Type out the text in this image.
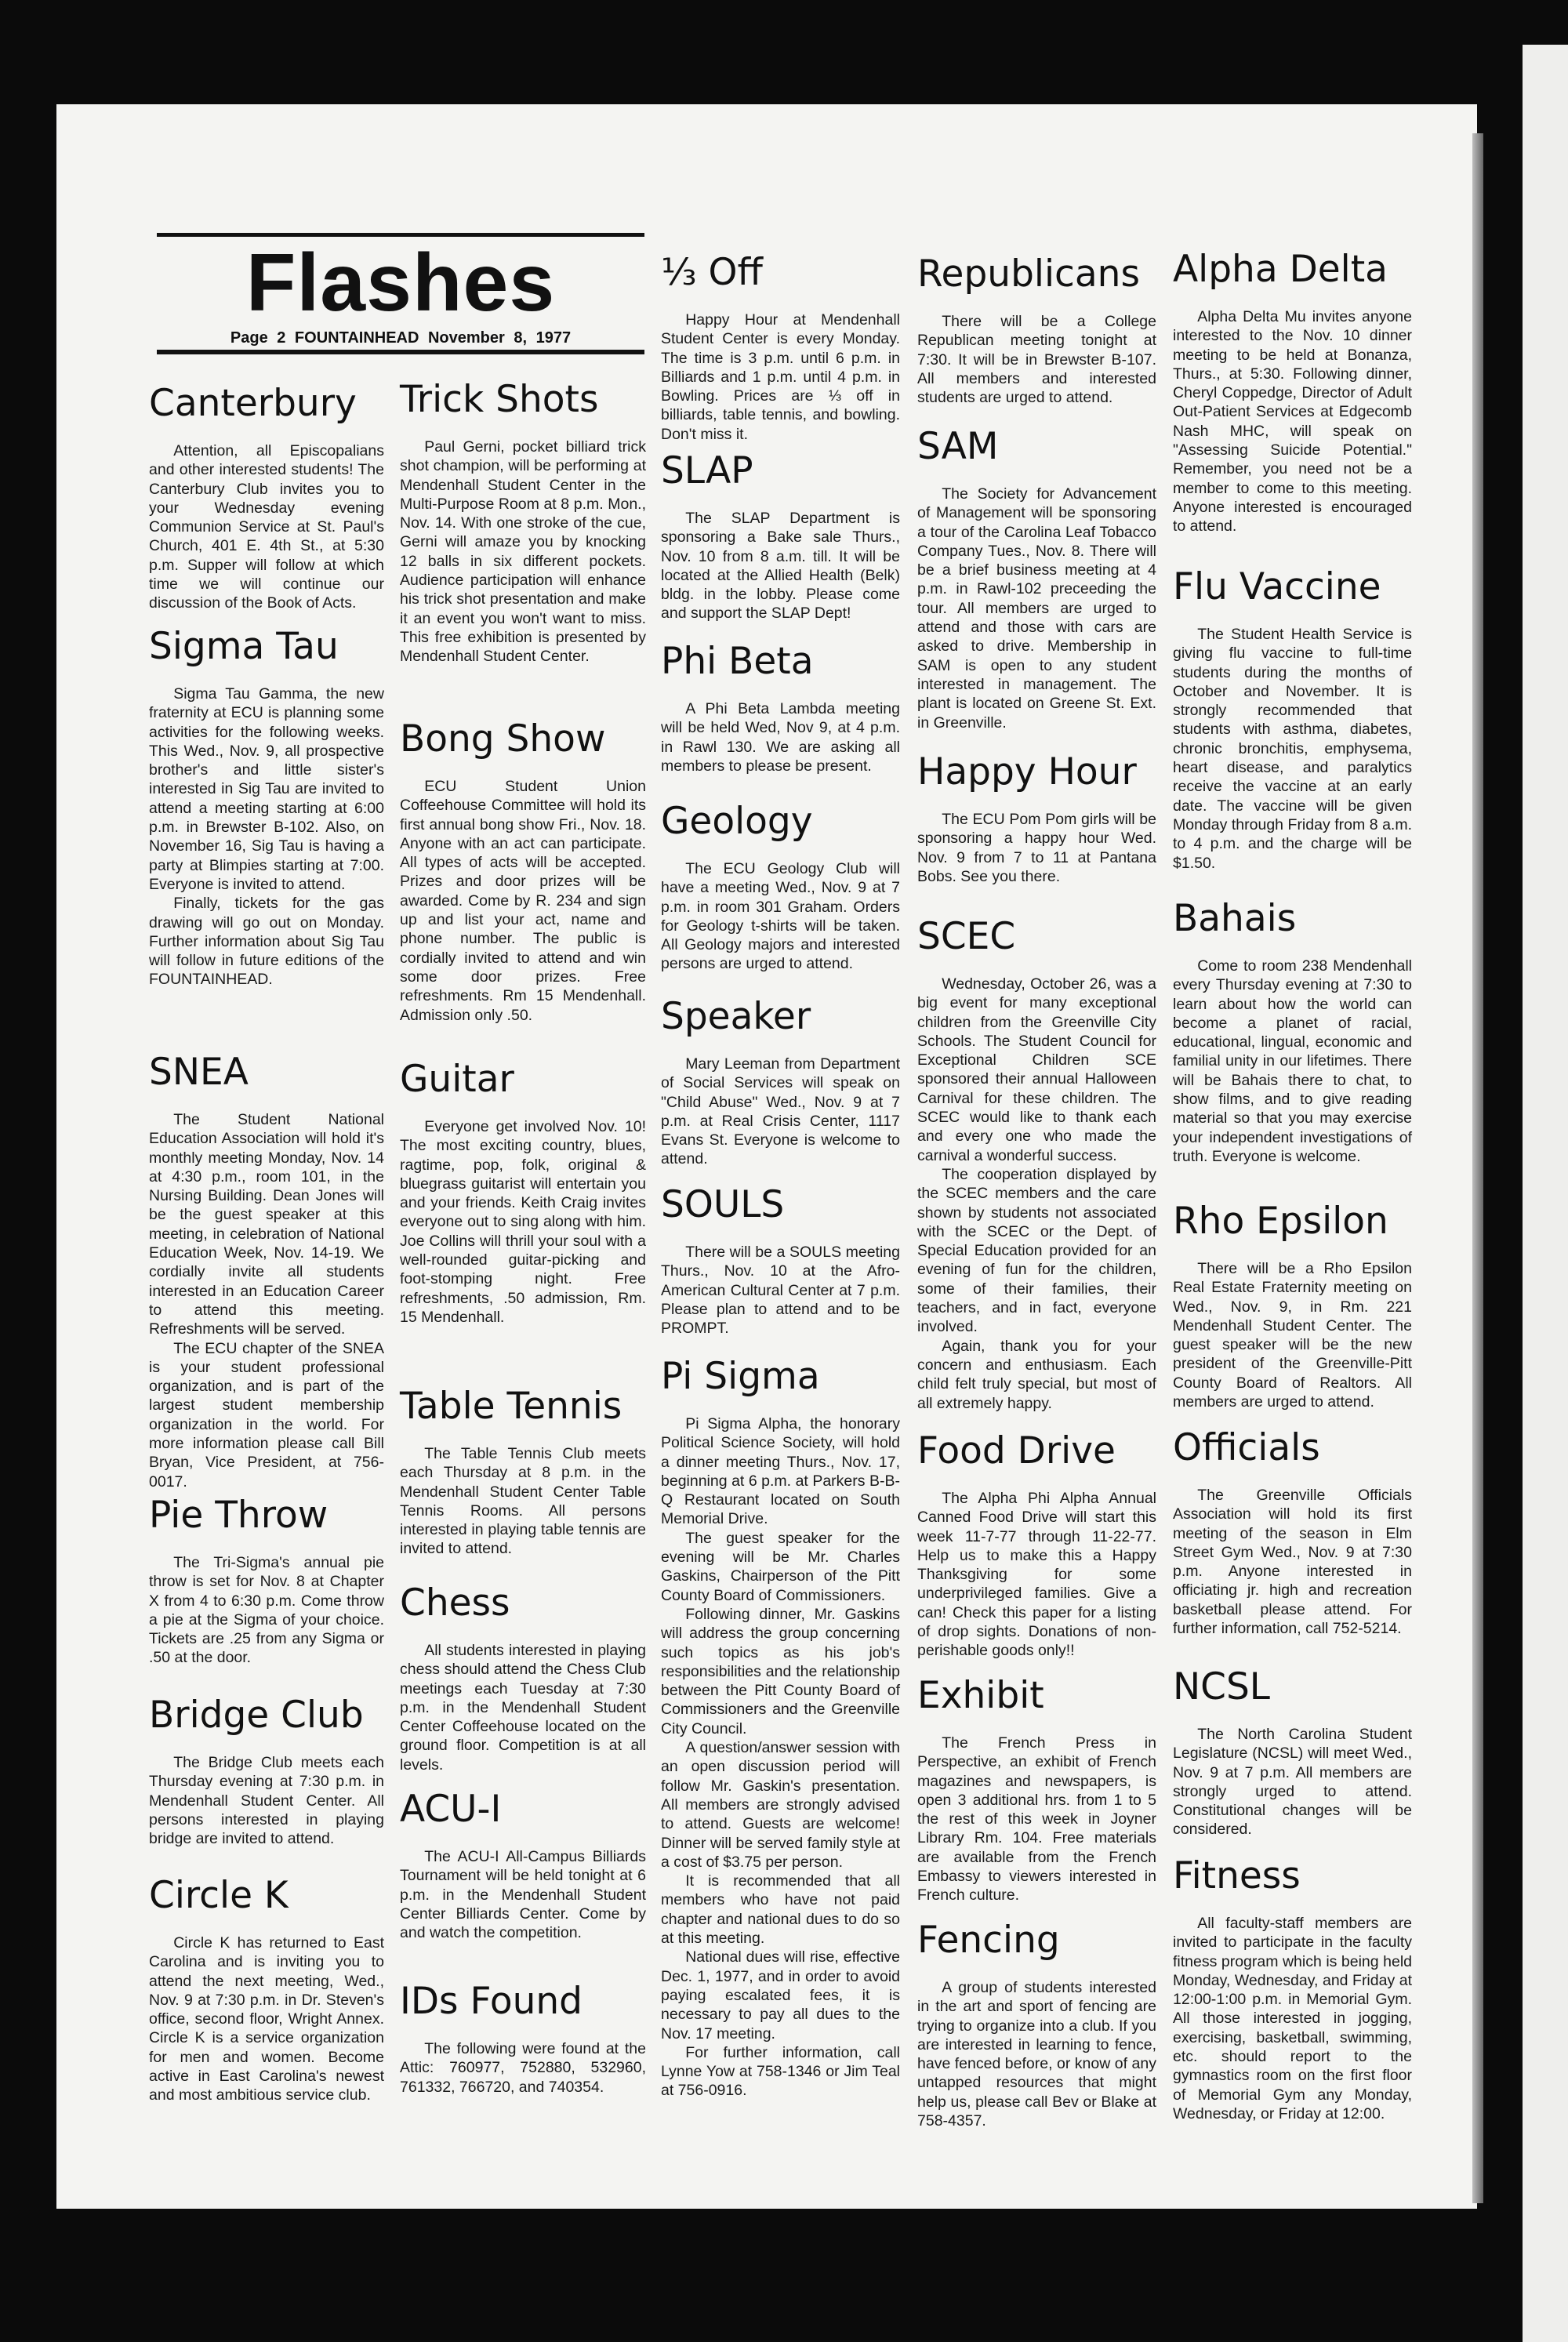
Flashes
Page 2 FOUNTAINHEAD November 8, 1977
Canterbury

Attention, all Episcopalians and other interested students! The Canterbury Club invites you to your Wednesday evening Communion Service at St. Paul's Church, 401 E. 4th St., at 5:30 p.m. Supper will follow at which time we will continue our discussion of the Book of Acts.

Sigma Tau

Sigma Tau Gamma, the new fraternity at ECU is planning some activities for the following weeks. This Wed., Nov. 9, all prospective brother's and little sister's interested in Sig Tau are invited to attend a meeting starting at 6:00 p.m. in Brewster B-102. Also, on November 16, Sig Tau is having a party at Blimpies starting at 7:00. Everyone is invited to attend.

Finally, tickets for the gas drawing will go out on Monday. Further information about Sig Tau will follow in future editions of the FOUNTAINHEAD.

SNEA

The Student National Education Association will hold it's monthly meeting Monday, Nov. 14 at 4:30 p.m., room 101, in the Nursing Building. Dean Jones will be the guest speaker at this meeting, in celebration of National Education Week, Nov. 14-19. We cordially invite all students interested in an Education Career to attend this meeting. Refreshments will be served.

The ECU chapter of the SNEA is your student professional organization, and is part of the largest student membership organization in the world. For more information please call Bill Bryan, Vice President, at 756-0017.

Pie Throw

The Tri-Sigma's annual pie throw is set for Nov. 8 at Chapter X from 4 to 6:30 p.m. Come throw a pie at the Sigma of your choice. Tickets are .25 from any Sigma or .50 at the door.

Bridge Club

The Bridge Club meets each Thursday evening at 7:30 p.m. in Mendenhall Student Center. All persons interested in playing bridge are invited to attend.

Circle K

Circle K has returned to East Carolina and is inviting you to attend the next meeting, Wed., Nov. 9 at 7:30 p.m. in Dr. Steven's office, second floor, Wright Annex. Circle K is a service organization for men and women. Become active in East Carolina's newest and most ambitious service club.

Trick Shots

Paul Gerni, pocket billiard trick shot champion, will be performing at Mendenhall Student Center in the Multi-Purpose Room at 8 p.m. Mon., Nov. 14. With one stroke of the cue, Gerni will amaze you by knocking 12 balls in six different pockets. Audience participation will enhance his trick shot presentation and make it an event you won't want to miss. This free exhibition is presented by Mendenhall Student Center.

Bong Show

ECU Student Union Coffeehouse Committee will hold its first annual bong show Fri., Nov. 18. Anyone with an act can participate. All types of acts will be accepted. Prizes and door prizes will be awarded. Come by R. 234 and sign up and list your act, name and phone number. The public is cordially invited to attend and win some door prizes. Free refreshments. Rm 15 Mendenhall. Admission only .50.

Guitar

Everyone get involved Nov. 10! The most exciting country, blues, ragtime, pop, folk, original & bluegrass guitarist will entertain you and your friends. Keith Craig invites everyone out to sing along with him. Joe Collins will thrill your soul with a well-rounded guitar-picking and foot-stomping night. Free refreshments, .50 admission, Rm. 15 Mendenhall.

Table Tennis

The Table Tennis Club meets each Thursday at 8 p.m. in the Mendenhall Student Center Table Tennis Rooms. All persons interested in playing table tennis are invited to attend.

Chess

All students interested in playing chess should attend the Chess Club meetings each Tuesday at 7:30 p.m. in the Mendenhall Student Center Coffeehouse located on the ground floor. Competition is at all levels.

ACU-I

The ACU-I All-Campus Billiards Tournament will be held tonight at 6 p.m. in the Mendenhall Student Center Billiards Center. Come by and watch the competition.

IDs Found

The following were found at the Attic: 760977, 752880, 532960, 761332, 766720, and 740354.

⅓ Off

Happy Hour at Mendenhall Student Center is every Monday. The time is 3 p.m. until 6 p.m. in Billiards and 1 p.m. until 4 p.m. in Bowling. Prices are ⅓ off in billiards, table tennis, and bowling. Don't miss it.

SLAP

The SLAP Department is sponsoring a Bake sale Thurs., Nov. 10 from 8 a.m. till. It will be located at the Allied Health (Belk) bldg. in the lobby. Please come and support the SLAP Dept!

Phi Beta

A Phi Beta Lambda meeting will be held Wed, Nov 9, at 4 p.m. in Rawl 130. We are asking all members to please be present.

Geology

The ECU Geology Club will have a meeting Wed., Nov. 9 at 7 p.m. in room 301 Graham. Orders for Geology t-shirts will be taken. All Geology majors and interested persons are urged to attend.

Speaker

Mary Leeman from Department of Social Services will speak on "Child Abuse" Wed., Nov. 9 at 7 p.m. at Real Crisis Center, 1117 Evans St. Everyone is welcome to attend.

SOULS

There will be a SOULS meeting Thurs., Nov. 10 at the Afro-American Cultural Center at 7 p.m. Please plan to attend and to be PROMPT.

Pi Sigma

Pi Sigma Alpha, the honorary Political Science Society, will hold a dinner meeting Thurs., Nov. 17, beginning at 6 p.m. at Parkers B-B-Q Restaurant located on South Memorial Drive.

The guest speaker for the evening will be Mr. Charles Gaskins, Chairperson of the Pitt County Board of Commissioners.

Following dinner, Mr. Gaskins will address the group concerning such topics as his job's responsibilities and the relationship between the Pitt County Board of Commissioners and the Greenville City Council.

A question/answer session with an open discussion period will follow Mr. Gaskin's presentation. All members are strongly advised to attend. Guests are welcome! Dinner will be served family style at a cost of $3.75 per person.

It is recommended that all members who have not paid chapter and national dues to do so at this meeting.

National dues will rise, effective Dec. 1, 1977, and in order to avoid paying escalated fees, it is necessary to pay all dues to the Nov. 17 meeting.

For further information, call Lynne Yow at 758-1346 or Jim Teal at 756-0916.

Republicans

There will be a College Republican meeting tonight at 7:30. It will be in Brewster B-107. All members and interested students are urged to attend.

SAM

The Society for Advancement of Management will be sponsoring a tour of the Carolina Leaf Tobacco Company Tues., Nov. 8. There will be a brief business meeting at 4 p.m. in Rawl-102 preceeding the tour. All members are urged to attend and those with cars are asked to drive. Membership in SAM is open to any student interested in management. The plant is located on Greene St. Ext. in Greenville.

Happy Hour

The ECU Pom Pom girls will be sponsoring a happy hour Wed. Nov. 9 from 7 to 11 at Pantana Bobs. See you there.

SCEC

Wednesday, October 26, was a big event for many exceptional children from the Greenville City Schools. The Student Council for Exceptional Children SCE sponsored their annual Halloween Carnival for these children. The SCEC would like to thank each and every one who made the carnival a wonderful success.

The cooperation displayed by the SCEC members and the care shown by students not associated with the SCEC or the Dept. of Special Education provided for an evening of fun for the children, some of their families, their teachers, and in fact, everyone involved.

Again, thank you for your concern and enthusiasm. Each child felt truly special, but most of all extremely happy.

Food Drive

The Alpha Phi Alpha Annual Canned Food Drive will start this week 11-7-77 through 11-22-77. Help us to make this a Happy Thanksgiving for some underprivileged families. Give a can! Check this paper for a listing of drop sights. Donations of non-perishable goods only!!

Exhibit

The French Press in Perspective, an exhibit of French magazines and newspapers, is open 3 additional hrs. from 1 to 5 the rest of this week in Joyner Library Rm. 104. Free materials are available from the French Embassy to viewers interested in French culture.

Fencing

A group of students interested in the art and sport of fencing are trying to organize into a club. If you are interested in learning to fence, have fenced before, or know of any untapped resources that might help us, please call Bev or Blake at 758-4357.

Alpha Delta

Alpha Delta Mu invites anyone interested to the Nov. 10 dinner meeting to be held at Bonanza, Thurs., at 5:30. Following dinner, Cheryl Coppedge, Director of Adult Out-Patient Services at Edgecomb Nash MHC, will speak on "Assessing Suicide Potential." Remember, you need not be a member to come to this meeting. Anyone interested is encouraged to attend.

Flu Vaccine

The Student Health Service is giving flu vaccine to full-time students during the months of October and November. It is strongly recommended that students with asthma, diabetes, chronic bronchitis, emphysema, heart disease, and paralytics receive the vaccine at an early date. The vaccine will be given Monday through Friday from 8 a.m. to 4 p.m. and the charge will be $1.50.

Bahais

Come to room 238 Mendenhall every Thursday evening at 7:30 to learn about how the world can become a planet of racial, educational, lingual, economic and familial unity in our lifetimes. There will be Bahais there to chat, to show films, and to give reading material so that you may exercise your independent investigations of truth. Everyone is welcome.

Rho Epsilon

There will be a Rho Epsilon Real Estate Fraternity meeting on Wed., Nov. 9, in Rm. 221 Mendenhall Student Center. The guest speaker will be the new president of the Greenville-Pitt County Board of Realtors. All members are urged to attend.

Officials

The Greenville Officials Association will hold its first meeting of the season in Elm Street Gym Wed., Nov. 9 at 7:30 p.m. Anyone interested in officiating jr. high and recreation basketball please attend. For further information, call 752-5214.

NCSL

The North Carolina Student Legislature (NCSL) will meet Wed., Nov. 9 at 7 p.m. All members are strongly urged to attend. Constitutional changes will be considered.

Fitness

All faculty-staff members are invited to participate in the faculty fitness program which is being held Monday, Wednesday, and Friday at 12:00-1:00 p.m. in Memorial Gym. All those interested in jogging, exercising, basketball, swimming, etc. should report to the gymnastics room on the first floor of Memorial Gym any Monday, Wednesday, or Friday at 12:00.
